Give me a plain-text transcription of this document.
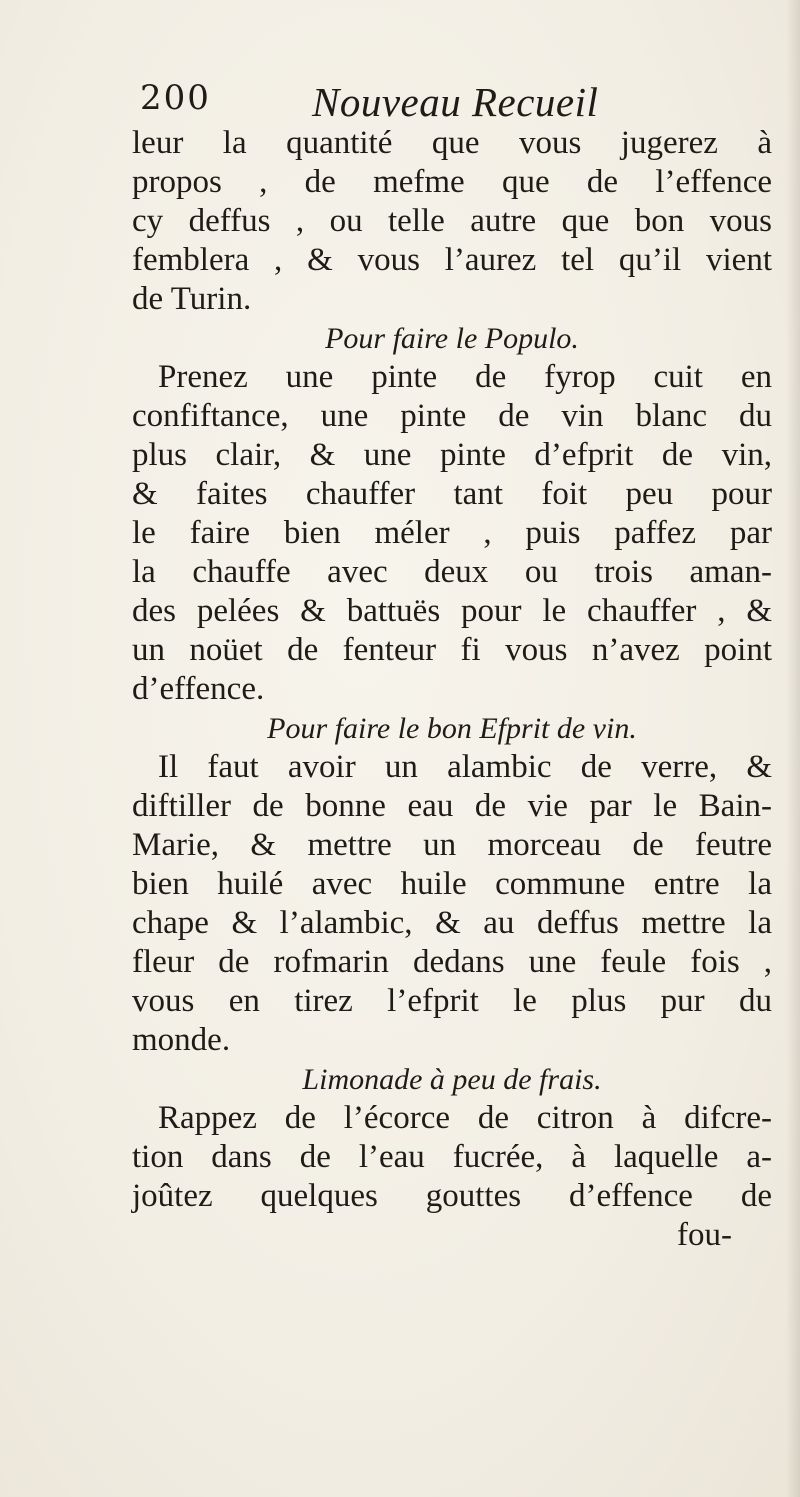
200 Nouveau Recueil
leur la quantité que vous jugerez à
propos , de mefme que de l’effence
cy deffus , ou telle autre que bon vous
femblera , & vous l’aurez tel qu’il vient
de Turin.
Pour faire le Populo.
Prenez une pinte de fyrop cuit en
confiftance, une pinte de vin blanc du
plus clair, & une pinte d’efprit de vin,
& faites chauffer tant foit peu pour
le faire bien méler , puis paffez par
la chauffe avec deux ou trois aman-
des pelées & battuës pour le chauffer , &
un noüet de fenteur fi vous n’avez point
d’effence.
Pour faire le bon Efprit de vin.
Il faut avoir un alambic de verre, &
diftiller de bonne eau de vie par le Bain-
Marie, & mettre un morceau de feutre
bien huilé avec huile commune entre la
chape & l’alambic, & au deffus mettre la
fleur de rofmarin dedans une feule fois ,
vous en tirez l’efprit le plus pur du
monde.
Limonade à peu de frais.
Rappez de l’écorce de citron à difcre-
tion dans de l’eau fucrée, à laquelle a-
joûtez quelques gouttes d’effence de
fou-
